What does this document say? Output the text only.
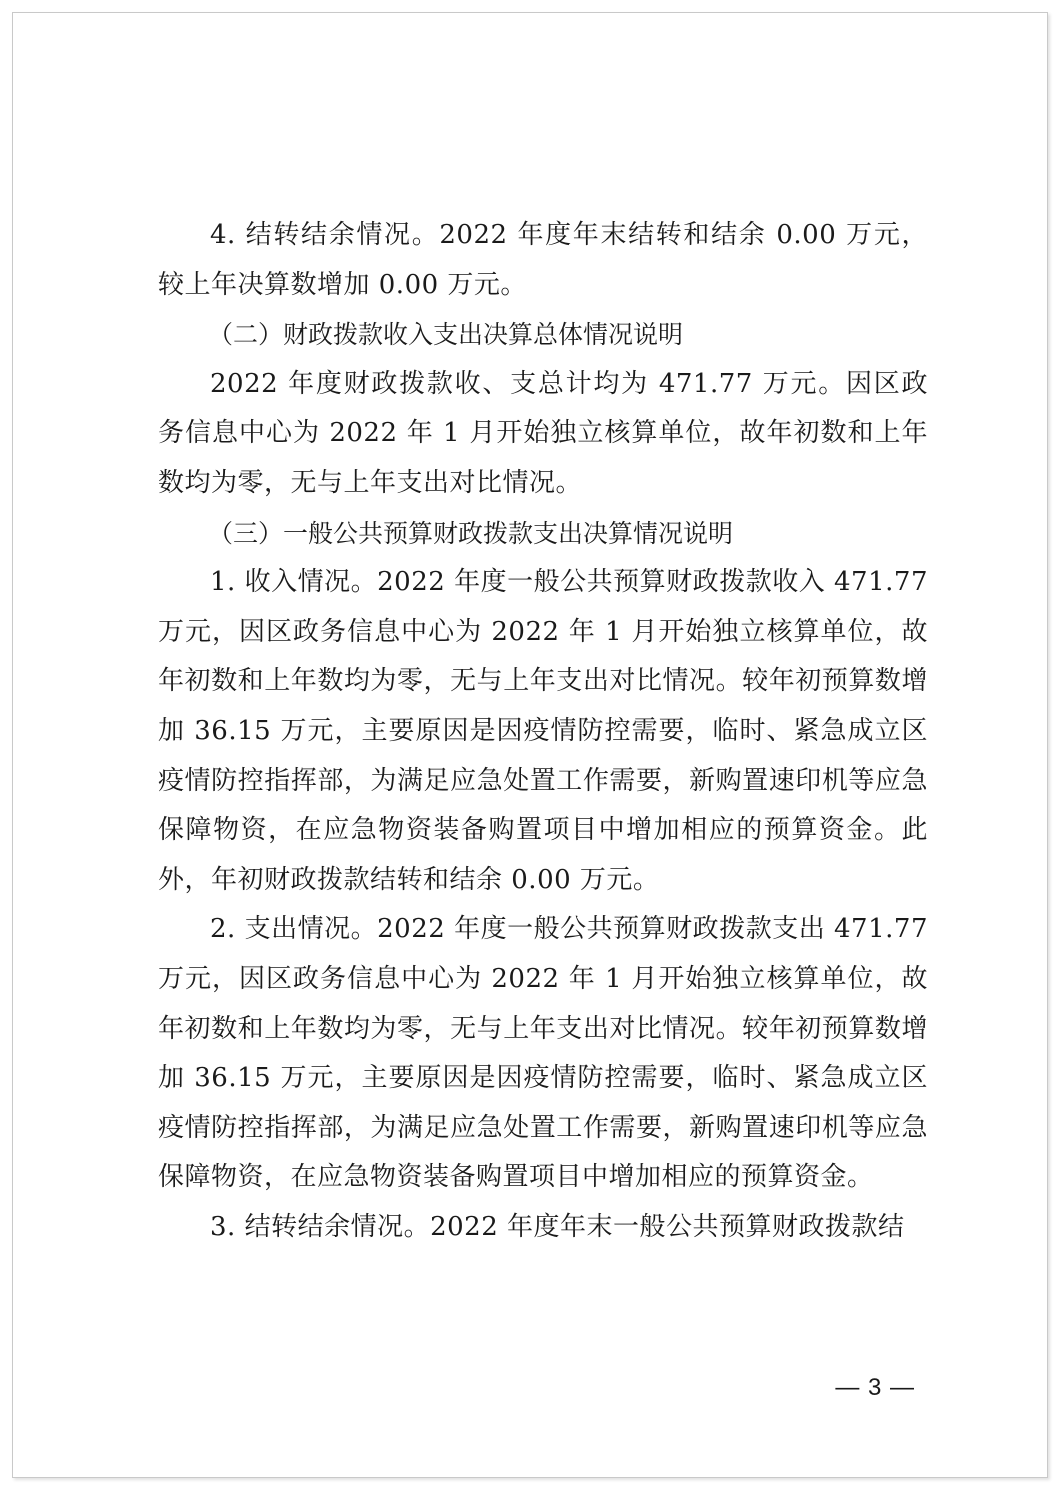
4. 结转结余情况。2022 年度年末结转和结余 0.00 万元，较上年决算数增加 0.00 万元。

（二）财政拨款收入支出决算总体情况说明

2022 年度财政拨款收、支总计均为 471.77 万元。因区政务信息中心为 2022 年 1 月开始独立核算单位，故年初数和上年数均为零，无与上年支出对比情况。

（三）一般公共预算财政拨款支出决算情况说明

1. 收入情况。2022 年度一般公共预算财政拨款收入 471.77 万元，因区政务信息中心为 2022 年 1 月开始独立核算单位，故年初数和上年数均为零，无与上年支出对比情况。较年初预算数增加 36.15 万元，主要原因是因疫情防控需要，临时、紧急成立区疫情防控指挥部，为满足应急处置工作需要，新购置速印机等应急保障物资，在应急物资装备购置项目中增加相应的预算资金。此外，年初财政拨款结转和结余 0.00 万元。

2. 支出情况。2022 年度一般公共预算财政拨款支出 471.77 万元，因区政务信息中心为 2022 年 1 月开始独立核算单位，故年初数和上年数均为零，无与上年支出对比情况。较年初预算数增加 36.15 万元，主要原因是因疫情防控需要，临时、紧急成立区疫情防控指挥部，为满足应急处置工作需要，新购置速印机等应急保障物资，在应急物资装备购置项目中增加相应的预算资金。

3. 结转结余情况。2022 年度年末一般公共预算财政拨款结

— 3 —
